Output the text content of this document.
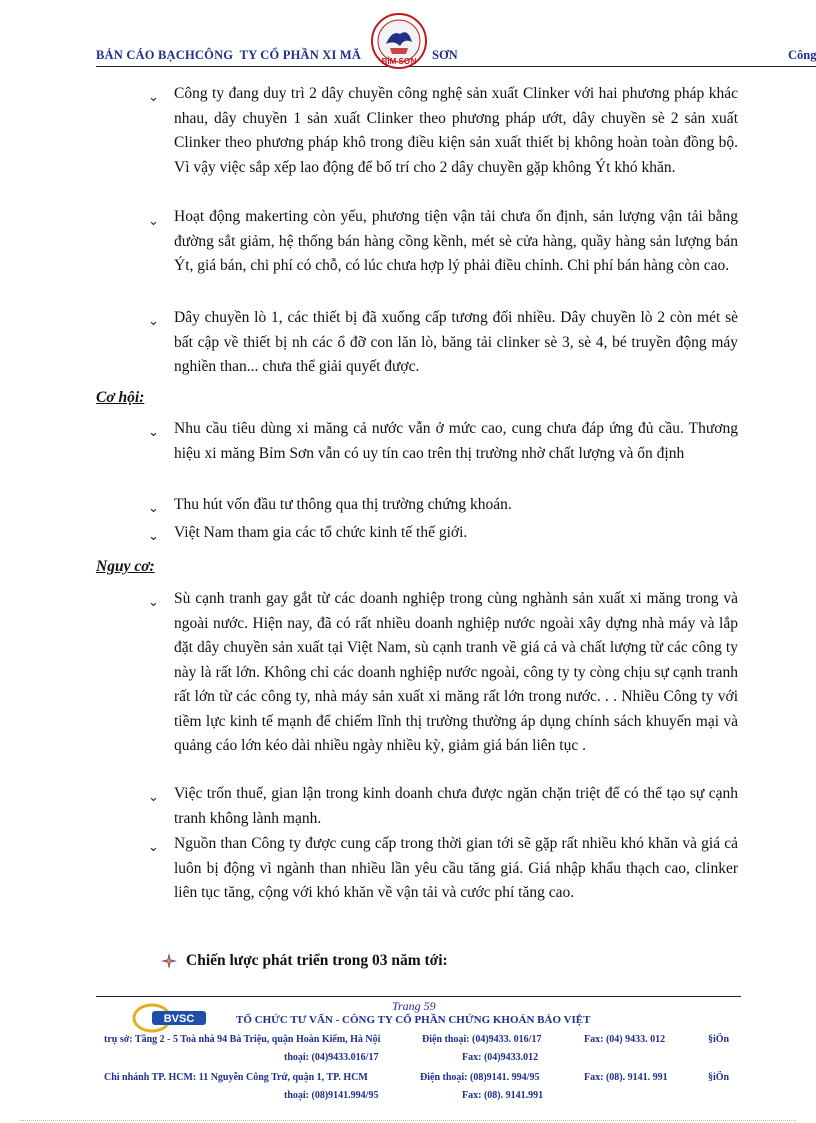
BẢN CÁO BẠCHCÔNG  TY CỔ PHẦN XI MĂ	SƠN	Công
BỈM SƠN
⌄ Công ty đang duy trì 2 dây chuyền công nghệ sản xuất Clinker với hai phương pháp khác nhau, dây chuyền 1 sản xuất Clinker theo phương pháp ướt, dây chuyền sè 2 sản xuất Clinker theo phương pháp khô trong điều kiện sản xuất thiết bị không hoàn toàn đồng bộ. Vì vậy việc sắp xếp lao động để bố trí cho 2 dây chuyền gặp không Ýt khó khăn.
⌄ Hoạt động makerting còn yếu, phương tiện vận tải chưa ổn định, sản lượng vận tải bằng đường sắt giảm, hệ thống bán hàng cồng kềnh, mét sè cửa hàng, quầy hàng sản lượng bán Ýt, giá bán, chi phí có chỗ, có lúc chưa hợp lý phải điều chỉnh. Chi phí bán hàng còn cao.
⌄ Dây chuyền lò 1, các thiết bị đã xuống cấp tương đối nhiều. Dây chuyền lò 2 còn mét sè bất cập về thiết bị nh các ổ đỡ con lăn lò, băng tải clinker sè 3, sè 4, bé truyền động máy nghiền than... chưa thể giải quyết được.
Cơ hội:
⌄ Nhu cầu tiêu dùng xi măng cả nước vẫn ở mức cao, cung chưa đáp ứng đủ cầu. Thương hiệu xi măng Bỉm Sơn vẫn có uy tín cao trên thị trường nhờ chất lượng và ổn định
⌄ Thu hút vốn đầu tư thông qua thị trường chứng khoán.
⌄ Việt Nam tham gia các tổ chức kinh tế thế giới.
Nguy cơ:
⌄ Sù cạnh tranh gay gắt từ các doanh nghiệp trong cùng nghành sản xuất xi măng trong và ngoài nước. Hiện nay, đã có rất nhiều doanh nghiệp nước ngoài xây dựng nhà máy và lắp đặt dây chuyền sản xuất tại Việt Nam, sù cạnh tranh về giá cả và chất lượng từ các công ty này là rất lớn. Không chỉ các doanh nghiệp nước ngoài, công ty ty còng chịu sự cạnh tranh rất lớn từ các công ty, nhà máy sản xuất xi măng rất lớn trong nước. . . Nhiều Công ty với tiềm lực kinh tế mạnh để chiếm lĩnh thị trường thường áp dụng chính sách khuyến mại và quảng cáo lớn kéo dài nhiều ngày nhiều kỳ, giảm giá bán liên tục .
⌄ Việc trốn thuế, gian lận trong kinh doanh chưa được ngăn chặn triệt để có thể tạo sự cạnh tranh không lành mạnh.
⌄ Nguồn than Công ty được cung cấp trong thời gian tới sẽ gặp rất nhiều khó khăn và giá cả luôn bị động vì ngành than nhiều lần yêu cầu tăng giá. Giá nhập khẩu thạch cao, clinker liên tục tăng, cộng với khó khăn về vận tải và cước phí tăng cao.
Chiến lược phát triển trong 03 năm tới:
Trang 59
BVSC	TỔ CHỨC TƯ VẤN - CÔNG TY CỔ PHẦN CHỨNG KHOÁN BẢO VIỆT
trụ sở: Tầng 2 - 5 Toà nhà 94 Bà Triệu, quận Hoàn Kiếm, Hà Nội	Điện thoại: (04)9433. 016/17	Fax: (04) 9433. 012	§iÖn
thoại: (04)9433.016/17	Fax: (04)9433.012
Chi nhánh TP. HCM: 11 Nguyễn Công Trứ, quận 1, TP. HCM	Điện thoại: (08)9141. 994/95	Fax: (08). 9141. 991	§iÖn
thoại: (08)9141.994/95	Fax: (08). 9141.991
